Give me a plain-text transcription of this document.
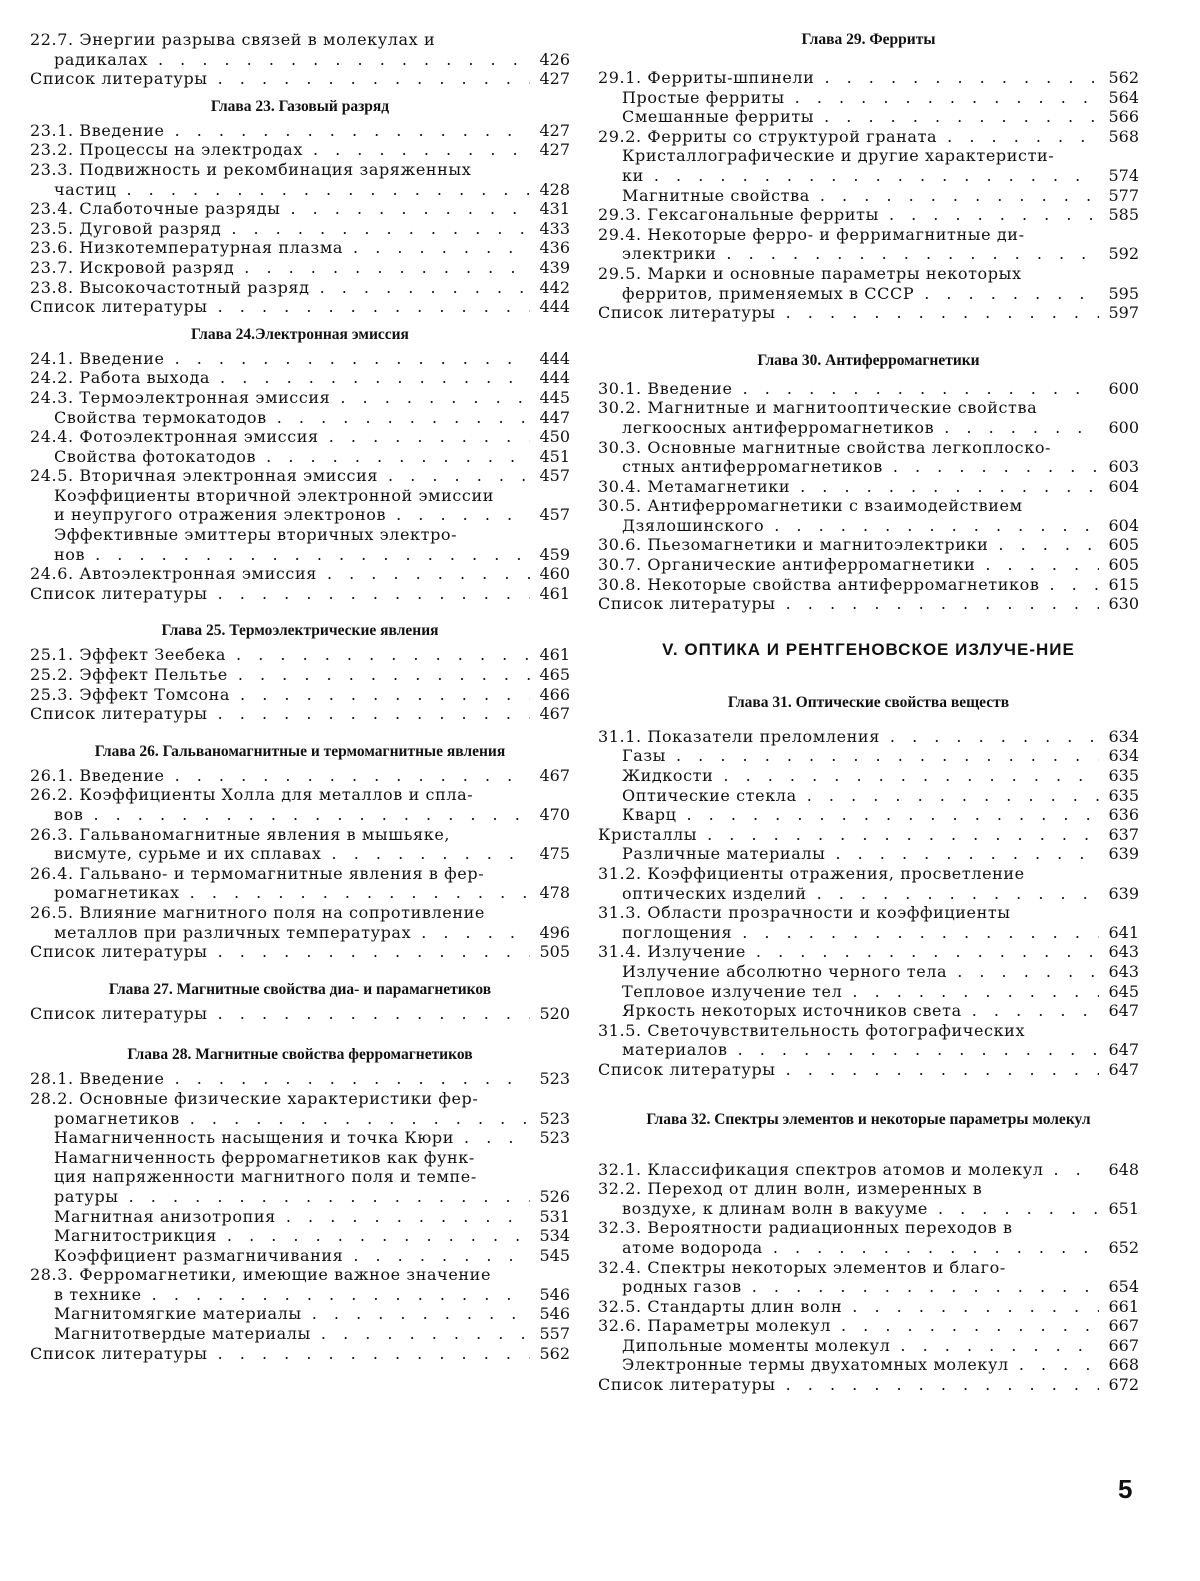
22.7. Энергии разрыва связей в молекулах и
радикалах . . .	426
Список литературы . . .	427
Глава 23. Газовый разряд
23.1. Введение . . .	427
23.2. Процессы на электродах . . .	427
23.3. Подвижность и рекомбинация заряженных
частиц . . .	428
23.4. Слаботочные разряды . . .	431
23.5. Дуговой разряд . . .	433
23.6. Низкотемпературная плазма . . .	436
23.7. Искровой разряд . . .	439
23.8. Высокочастотный разряд . . .	442
Список литературы . . .	444
Глава 24.Электронная эмиссия
24.1. Введение . . .	444
24.2. Работа выхода . . .	444
24.3. Термоэлектронная эмиссия . . .	445
Свойства термокатодов . . .	447
24.4. Фотоэлектронная эмиссия . . .	450
Свойства фотокатодов . . .	451
24.5. Вторичная электронная эмиссия . . .	457
Коэффициенты вторичной электронной эмиссии
и неупругого отражения электронов . . .	457
Эффективные эмиттеры вторичных электро-
нов . . .	459
24.6. Автоэлектронная эмиссия . . .	460
Список литературы . . .	461
Глава 25. Термоэлектрические явления
25.1. Эффект Зеебека . . .	461
25.2. Эффект Пельтье . . .	465
25.3. Эффект Томсона . . .	466
Список литературы . . .	467
Глава 26. Гальваномагнитные и термомагнитные явления
26.1. Введение . . .	467
26.2. Коэффициенты Холла для металлов и спла-
вов . . .	470
26.3. Гальваномагнитные явления в мышьяке,
висмуте, сурьме и их сплавах . . .	475
26.4. Гальвано- и термомагнитные явления в фер-
ромагнетиках . . .	478
26.5. Влияние магнитного поля на сопротивление
металлов при различных температурах . . .	496
Список литературы . . .	505
Глава 27. Магнитные свойства диа- и парамагнетиков
Список литературы . . .	520
Глава 28. Магнитные свойства ферромагнетиков
28.1. Введение . . .	523
28.2. Основные физические характеристики фер-
ромагнетиков . . .	523
Намагниченность насыщения и точка Кюри . . .	523
Намагниченность ферромагнетиков как функ-
ция напряженности магнитного поля и темпе-
ратуры . . .	526
Магнитная анизотропия . . .	531
Магнитострикция . . .	534
Коэффициент размагничивания . . .	545
28.3. Ферромагнетики, имеющие важное значение
в технике . . .	546
Магнитомягкие материалы . . .	546
Магнитотвердые материалы . . .	557
Список литературы . . .	562
Глава 29. Ферриты
29.1. Ферриты-шпинели . . .	562
Простые ферриты . . .	564
Смешанные ферриты . . .	566
29.2. Ферриты со структурой граната . . .	568
Кристаллографические и другие характеристи-
ки . . .	574
Магнитные свойства . . .	577
29.3. Гексагональные ферриты . . .	585
29.4. Некоторые ферро- и ферримагнитные ди-
электрики . . .	592
29.5. Марки и основные параметры некоторых
ферритов, применяемых в СССР . . .	595
Список литературы . . .	597
Глава 30. Антиферромагнетики
30.1. Введение . . .	600
30.2. Магнитные и магнитооптические свойства
легкоосных антиферромагнетиков . . .	600
30.3. Основные магнитные свойства легкоплоско-
стных антиферромагнетиков . . .	603
30.4. Метамагнетики . . .	604
30.5. Антиферромагнетики с взаимодействием
Дзялошинского . . .	604
30.6. Пьезомагнетики и магнитоэлектрики . . .	605
30.7. Органические антиферромагнетики . . .	605
30.8. Некоторые свойства антиферромагнетиков . . .	615
Список литературы . . .	630
V. ОПТИКА И РЕНТГЕНОВСКОЕ ИЗЛУЧЕ-НИЕ
Глава 31. Оптические свойства веществ
31.1. Показатели преломления . . .	634
Газы . . .	634
Жидкости . . .	635
Оптические стекла . . .	635
Кварц . . .	636
Кристаллы . . .	637
Различные материалы . . .	639
31.2. Коэффициенты отражения, просветление
оптических изделий . . .	639
31.3. Области прозрачности и коэффициенты
поглощения . . .	641
31.4. Излучение . . .	643
Излучение абсолютно черного тела . . .	643
Тепловое излучение тел . . .	645
Яркость некоторых источников света . . .	647
31.5. Светочувствительность фотографических
материалов . . .	647
Список литературы . . .	647
Глава 32. Спектры элементов и некоторые параметры молекул
32.1. Классификация спектров атомов и молекул . . .	648
32.2. Переход от длин волн, измеренных в
воздухе, к длинам волн в вакууме . . .	651
32.3. Вероятности радиационных переходов в
атоме водорода . . .	652
32.4. Спектры некоторых элементов и благо-
родных газов . . .	654
32.5. Стандарты длин волн . . .	661
32.6. Параметры молекул . . .	667
Дипольные моменты молекул . . .	667
Электронные термы двухатомных молекул . . .	668
Список литературы . . .	672
5
